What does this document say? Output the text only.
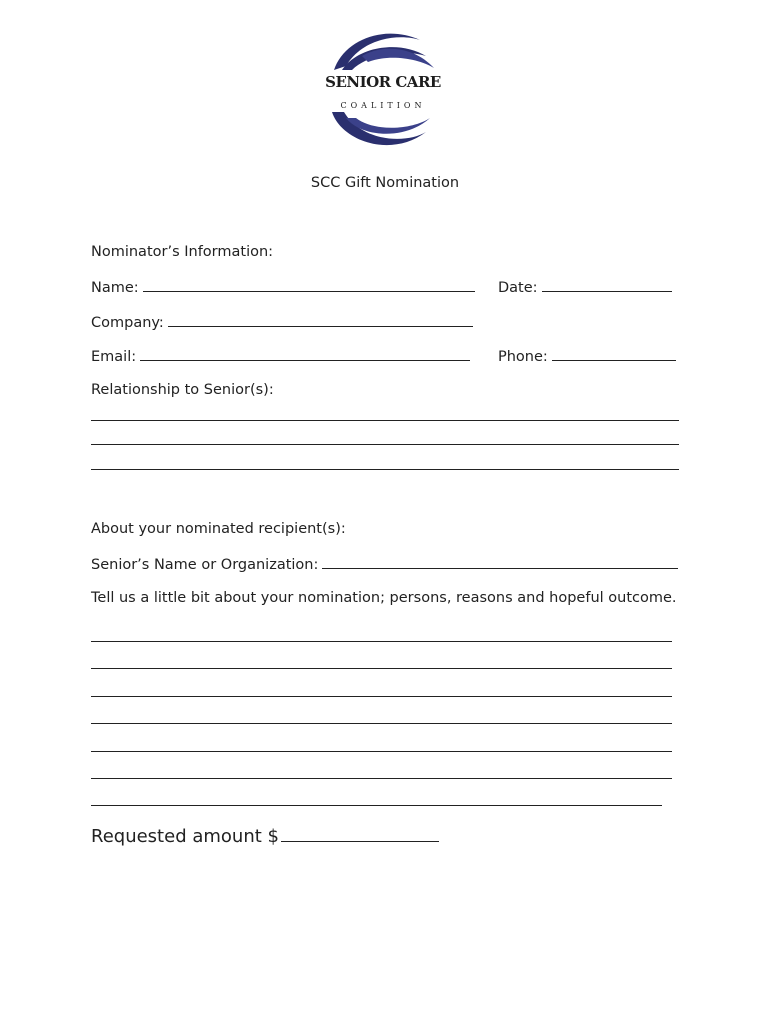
SENIOR CARE
COALITION
SCC Gift Nomination
Nominator’s Information:
Name:	Date:
Company:
Email:	Phone:
Relationship to Senior(s):
About your nominated recipient(s):
Senior’s Name or Organization:
Tell us a little bit about your nomination; persons, reasons and hopeful outcome.
Requested amount $
